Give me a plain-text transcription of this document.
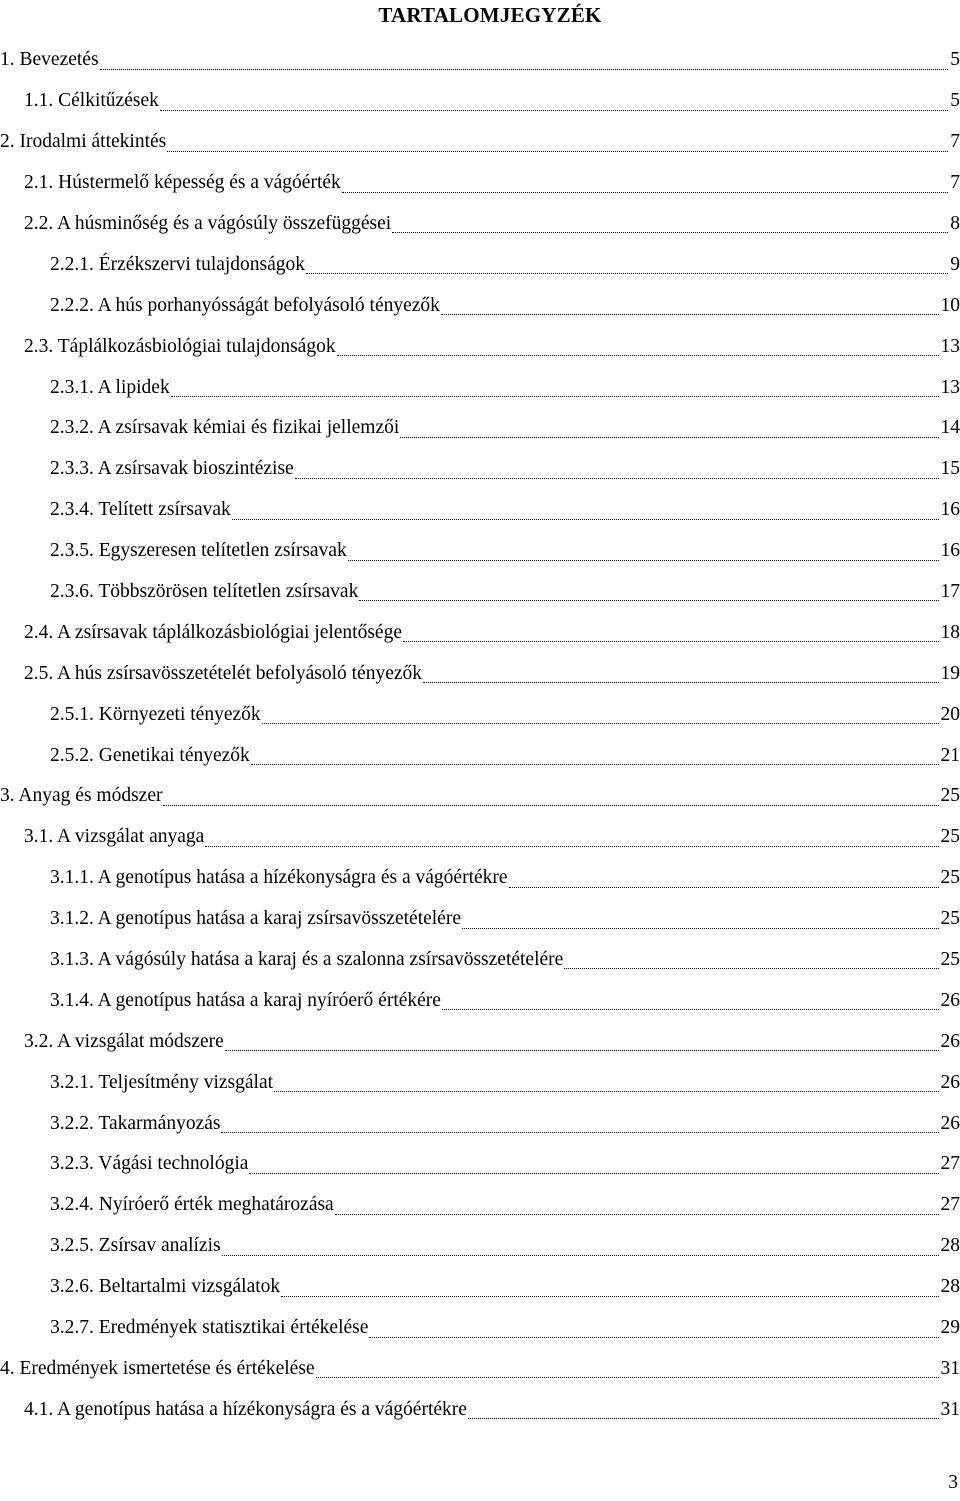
TARTALOMJEGYZÉK
1. Bevezetés	5
1.1. Célkitűzések	5
2. Irodalmi áttekintés	7
2.1. Hústermelő képesség és a vágóérték	7
2.2. A húsminőség és a vágósúly összefüggései	8
2.2.1. Érzékszervi tulajdonságok	9
2.2.2. A hús porhanyósságát befolyásoló tényezők	10
2.3. Táplálkozásbiológiai tulajdonságok	13
2.3.1. A lipidek	13
2.3.2. A zsírsavak kémiai és fizikai jellemzői	14
2.3.3. A zsírsavak bioszintézise	15
2.3.4. Telített zsírsavak	16
2.3.5. Egyszeresen telítetlen zsírsavak	16
2.3.6. Többszörösen telítetlen zsírsavak	17
2.4. A zsírsavak táplálkozásbiológiai jelentősége	18
2.5. A hús zsírsavösszetételét befolyásoló tényezők	19
2.5.1. Környezeti tényezők	20
2.5.2. Genetikai tényezők	21
3. Anyag és módszer	25
3.1. A vizsgálat anyaga	25
3.1.1. A genotípus hatása a hízékonyságra és a vágóértékre	25
3.1.2. A genotípus hatása a karaj zsírsavösszetételére	25
3.1.3. A vágósúly hatása a karaj és a szalonna zsírsavösszetételére	25
3.1.4. A genotípus hatása a karaj nyíróerő értékére	26
3.2. A vizsgálat módszere	26
3.2.1. Teljesítmény vizsgálat	26
3.2.2. Takarmányozás	26
3.2.3. Vágási technológia	27
3.2.4. Nyíróerő érték meghatározása	27
3.2.5. Zsírsav analízis	28
3.2.6. Beltartalmi vizsgálatok	28
3.2.7. Eredmények statisztikai értékelése	29
4. Eredmények ismertetése és értékelése	31
4.1. A genotípus hatása a hízékonyságra és a vágóértékre	31
3
